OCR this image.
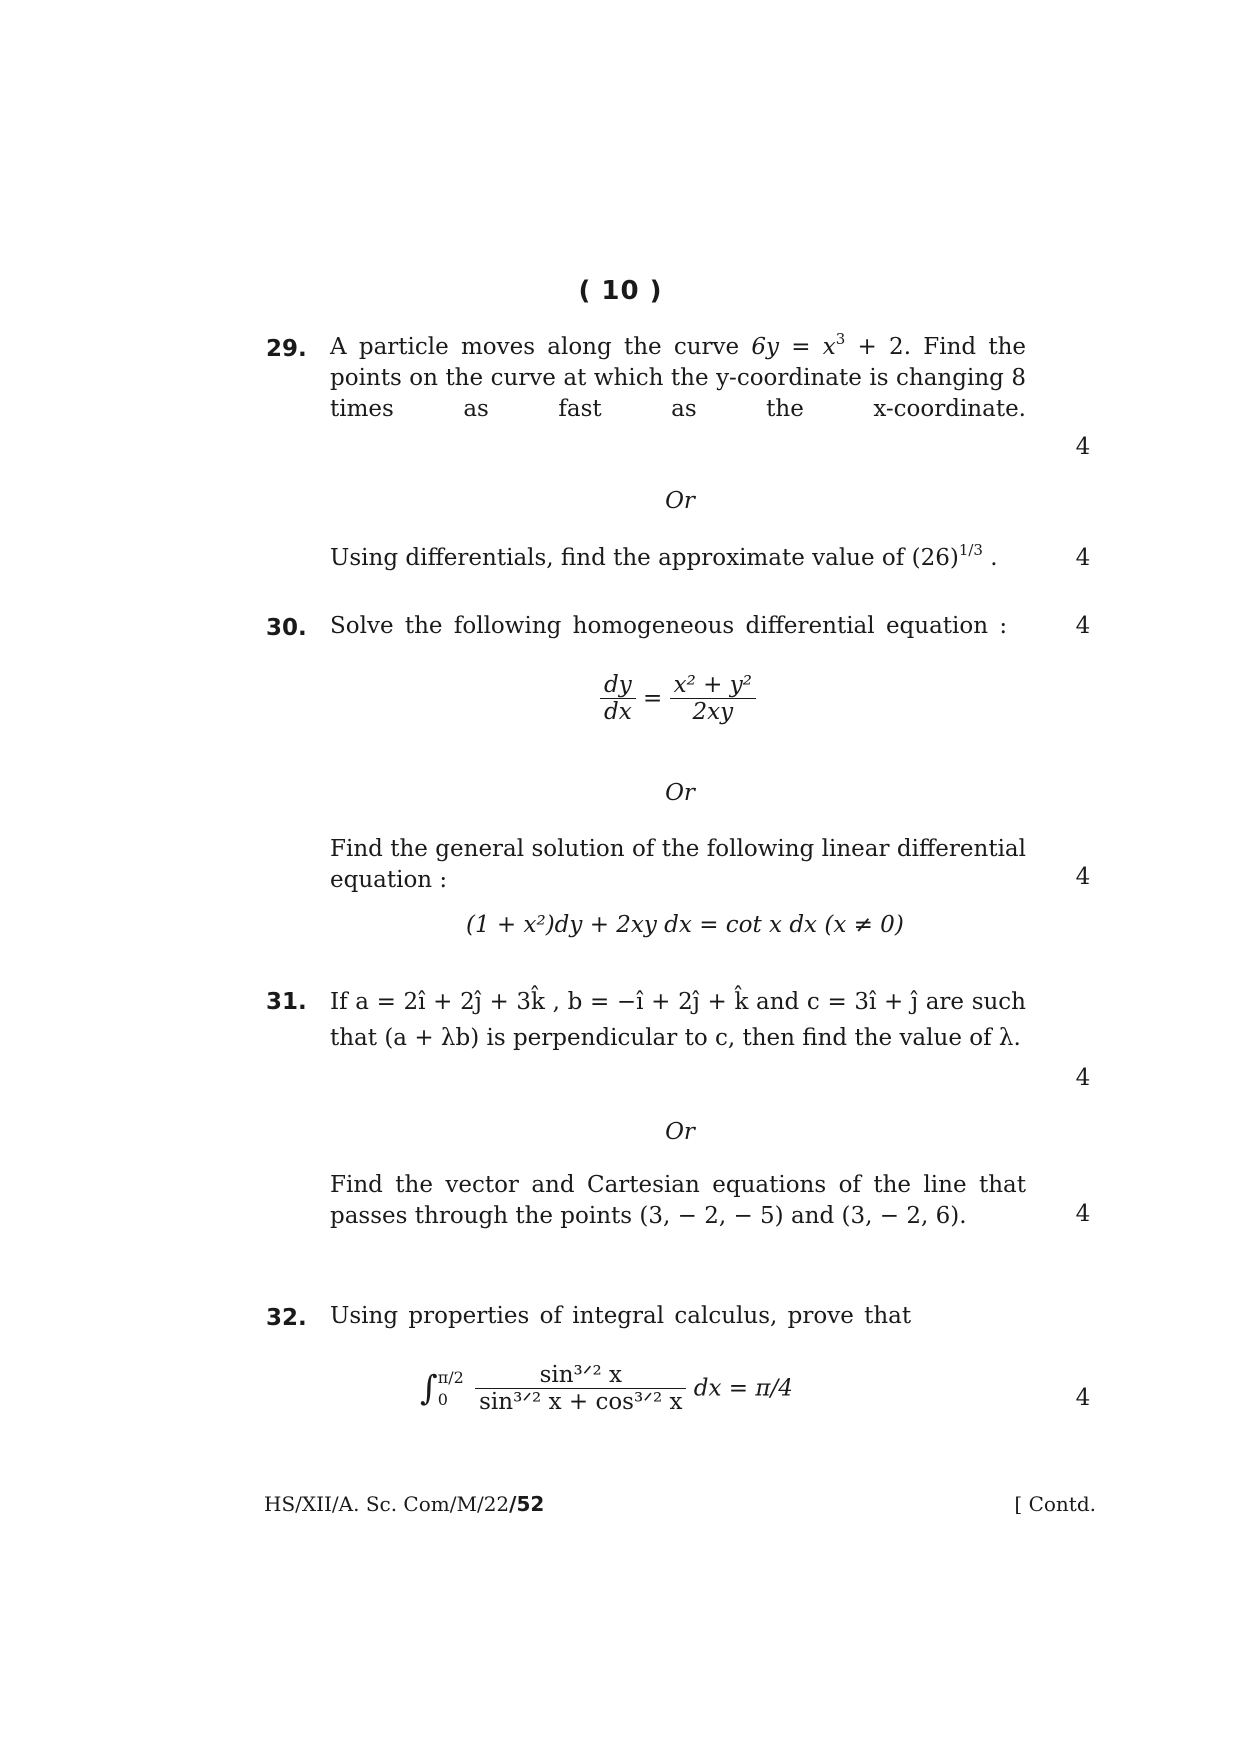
( 10 )
29. A particle moves along the curve $6y = x^3 + 2$. Find the points on the curve at which the y-coordinate is changing 8 times as fast as the x-coordinate.
4
Or
Using differentials, find the approximate value of $(26)^{1/3}$ .	4
30. Solve the following homogeneous differential equation :	4
$\frac{dy}{dx} = \frac{\text{x² + y²}}{2xy}$
Or
Find the general solution of the following linear differential equation :	4
(1 + x²)dy + 2xy dx = cot x dx (x ≠ 0)
31. If a = 2î + 2ĵ + 3k̂ , b = −î + 2ĵ + k̂ and c = 3î + ĵ are such that (a + λb) is perpendicular to c, then find the value of λ.
4
Or
Find the vector and Cartesian equations of the line that passes through the points (3, − 2, − 5) and (3, − 2, 6).	4
32. Using properties of integral calculus, prove that
∫ π/2
0
	$\frac{\text{sin³ᐟ² x}}{\text{sin³ᐟ² x + cos³ᐟ² x}}$ dx = π/4	4
HS/XII/A. Sc. Com/M/22/52	[ Contd.
